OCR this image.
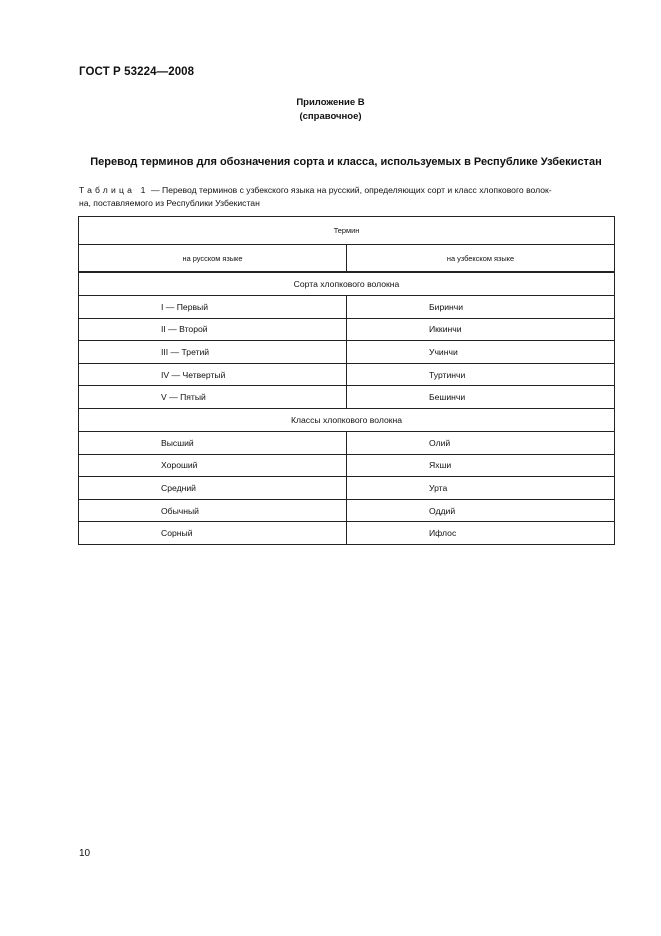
ГОСТ Р 53224—2008
Приложение В
(справочное)
Перевод терминов для обозначения сорта и класса, используемых в Республике Узбекистан
Таблица 1 — Перевод терминов с узбекского языка на русский, определяющих сорт и класс хлопкового волок-
на, поставляемого из Республики Узбекистан
Термин	
на русском языке	на узбекском языке
Сорта хлопкового волокна	
I — Первый	Биринчи
II — Второй	Иккинчи
III — Третий	Учинчи
IV — Четвертый	Туртинчи
V — Пятый	Бешинчи
Классы хлопкового волокна	
Высший	Олий
Хороший	Яхши
Средний	Урта
Обычный	Оддий
Сорный	Ифлос
10
